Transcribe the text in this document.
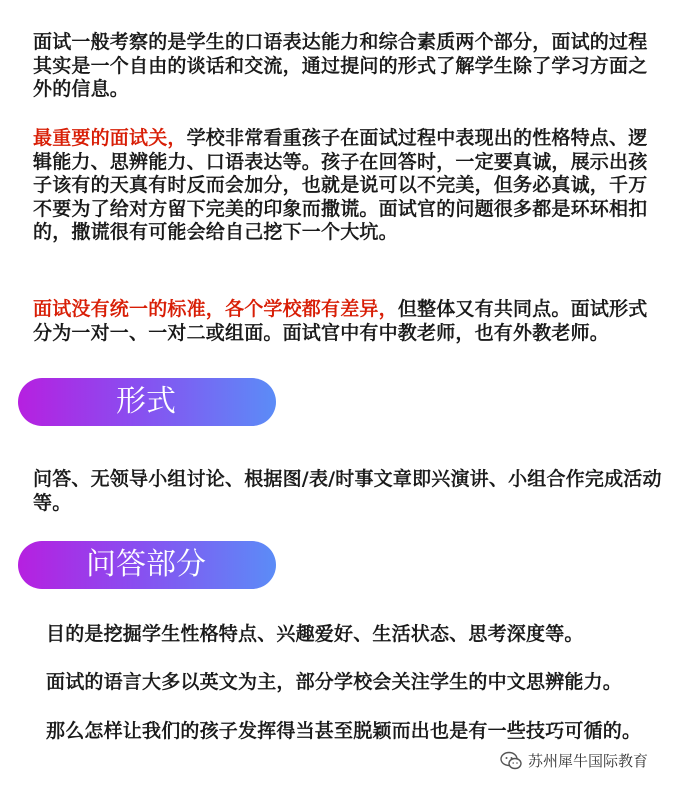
面试一般考察的是学生的口语表达能力和综合素质两个部分，面试的过程其实是一个自由的谈话和交流，通过提问的形式了解学生除了学习方面之外的信息。

最重要的面试关，学校非常看重孩子在面试过程中表现出的性格特点、逻辑能力、思辨能力、口语表达等。孩子在回答时，一定要真诚，展示出孩子该有的天真有时反而会加分，也就是说可以不完美，但务必真诚，千万不要为了给对方留下完美的印象而撒谎。面试官的问题很多都是环环相扣的，撒谎很有可能会给自己挖下一个大坑。

面试没有统一的标准，各个学校都有差异，但整体又有共同点。面试形式分为一对一、一对二或组面。面试官中有中教老师，也有外教老师。

形式

问答、无领导小组讨论、根据图/表/时事文章即兴演讲、小组合作完成活动等。

问答部分

目的是挖掘学生性格特点、兴趣爱好、生活状态、思考深度等。

面试的语言大多以英文为主，部分学校会关注学生的中文思辨能力。

那么怎样让我们的孩子发挥得当甚至脱颖而出也是有一些技巧可循的。

苏州犀牛国际教育
